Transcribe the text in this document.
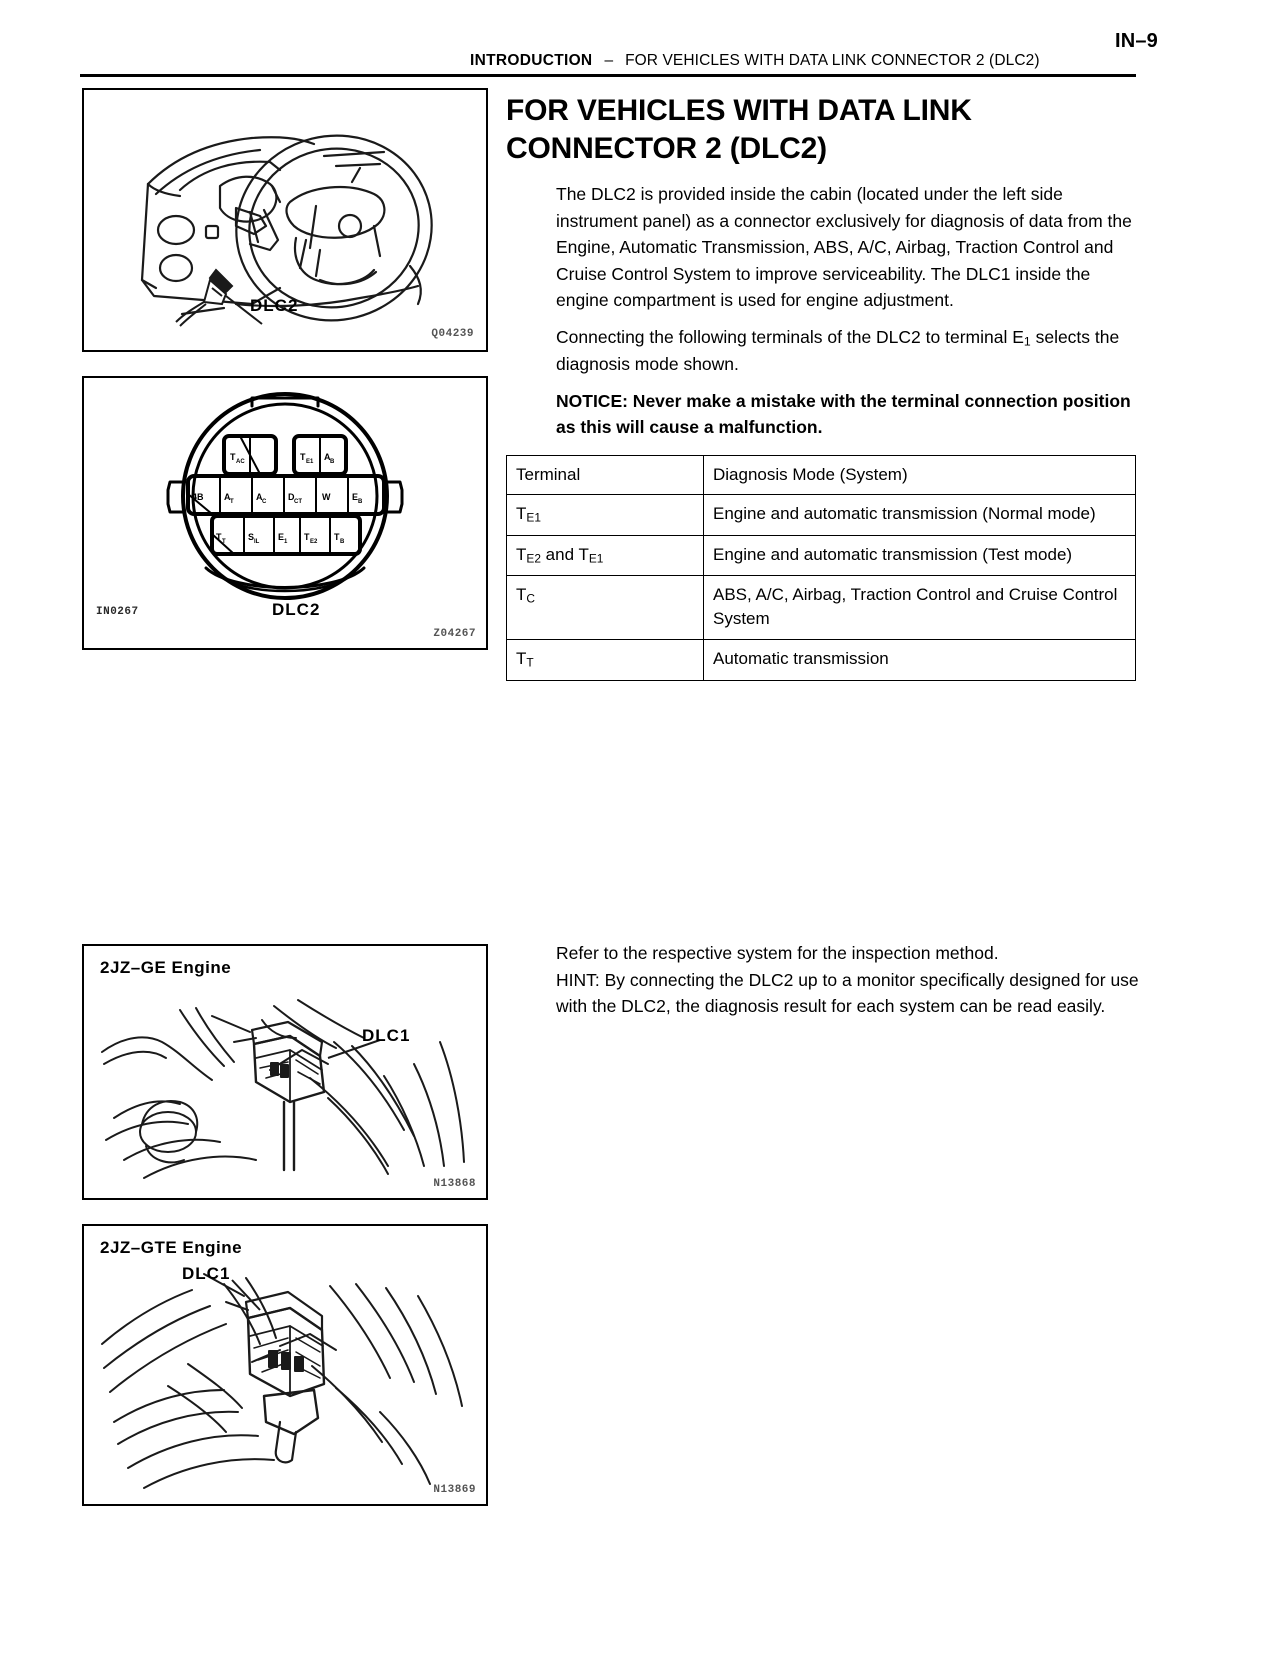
IN–9
INTRODUCTION – FOR VEHICLES WITH DATA LINK CONNECTOR 2 (DLC2)
DLC2
Q04239
T AC	T E1 A B
4B A T A C D CT W E B
T T S IL E 1 T E2 T B
DLC2
Z04267
IN0267
FOR VEHICLES WITH DATA LINK CONNECTOR 2 (DLC2)

The DLC2 is provided inside the cabin (located under the left side instrument panel) as a connector exclusively for diagnosis of data from the Engine, Automatic Transmission, ABS, A/C, Airbag, Traction Control and Cruise Control System to improve serviceability. The DLC1 inside the engine compartment is used for engine adjustment.

Connecting the following terminals of the DLC2 to terminal $E_1$ selects the diagnosis mode shown.

NOTICE: Never make a mistake with the terminal connection position as this will cause a malfunction.

Terminal	Diagnosis Mode (System)
$T_{E1}$	Engine and automatic transmission (Normal mode)
$T_{E2}$ and $T_{E1}$	Engine and automatic transmission (Test mode)
$T_C$	ABS, A/C, Airbag, Traction Control and Cruise Control System
$T_T$	Automatic transmission

Refer to the respective system for the inspection method.

HINT: By connecting the DLC2 up to a monitor specifically designed for use with the DLC2, the diagnosis result for each system can be read easily.

2JZ–GE Engine
DLC1
N13868
2JZ–GTE Engine
DLC1
N13869
